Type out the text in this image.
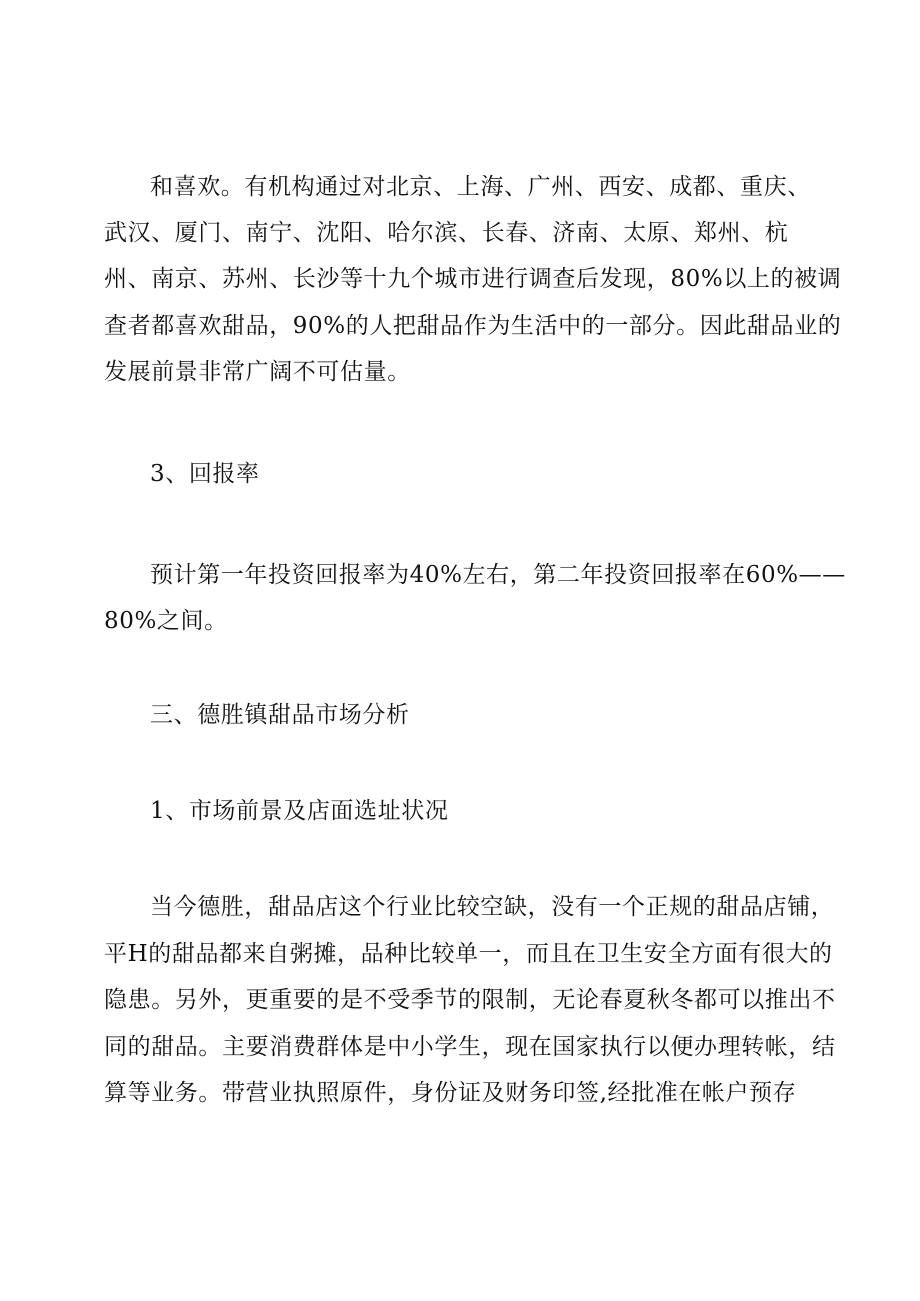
和喜欢。有机构通过对北京、上海、广州、西安、成都、重庆、
武汉、厦门、南宁、沈阳、哈尔滨、长春、济南、太原、郑州、杭
州、南京、苏州、长沙等十九个城市进行调查后发现，80%以上的被调
查者都喜欢甜品，90%的人把甜品作为生活中的一部分。因此甜品业的
发展前景非常广阔不可估量。
3、回报率
预计第一年投资回报率为40%左右，第二年投资回报率在60%——
80%之间。
三、德胜镇甜品市场分析
1、市场前景及店面选址状况
当今德胜，甜品店这个行业比较空缺，没有一个正规的甜品店铺，
平H的甜品都来自粥摊，品种比较单一，而且在卫生安全方面有很大的
隐患。另外，更重要的是不受季节的限制，无论春夏秋冬都可以推出不
同的甜品。主要消费群体是中小学生，现在国家执行以便办理转帐，结
算等业务。带营业执照原件，身份证及财务印签,经批准在帐户预存
